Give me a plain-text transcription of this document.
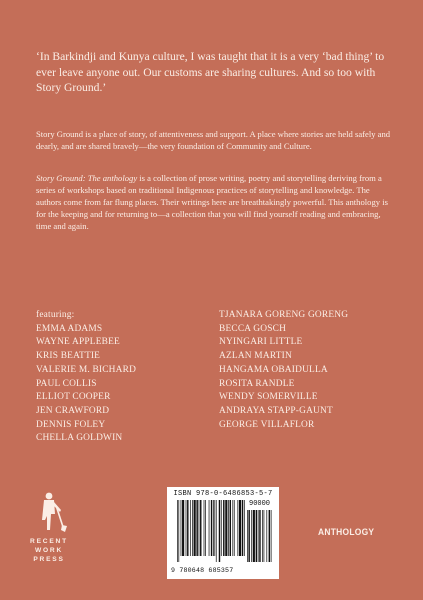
‘In Barkindji and Kunya culture, I was taught that it is a very ‘bad thing’ to ever leave anyone out. Our customs are sharing cultures. And so too with Story Ground.’
Story Ground is a place of story, of attentiveness and support. A place where stories are held safely and dearly, and are shared bravely—the very foundation of Community and Culture.
Story Ground: The anthology is a collection of prose writing, poetry and storytelling deriving from a series of workshops based on traditional Indigenous practices of storytelling and knowledge. The authors come from far flung places. Their writings here are breathtakingly powerful. This anthology is for the keeping and for returning to—a collection that you will find yourself reading and embracing, time and again.
featuring:
EMMA ADAMS
WAYNE APPLEBEE
KRIS BEATTIE
VALERIE M. BICHARD
PAUL COLLIS
ELLIOT COOPER
JEN CRAWFORD
DENNIS FOLEY
CHELLA GOLDWIN
TJANARA GORENG GORENG
BECCA GOSCH
NYINGARI LITTLE
AZLAN MARTIN
HANGAMA OBAIDULLA
ROSITA RANDLE
WENDY SOMERVILLE
ANDRAYA STAPP-GAUNT
GEORGE VILLAFLOR
RECENT
WORK
PRESS
ISBN 978-0-6486853-5-7
90000
9 780648 685357
ANTHOLOGY
